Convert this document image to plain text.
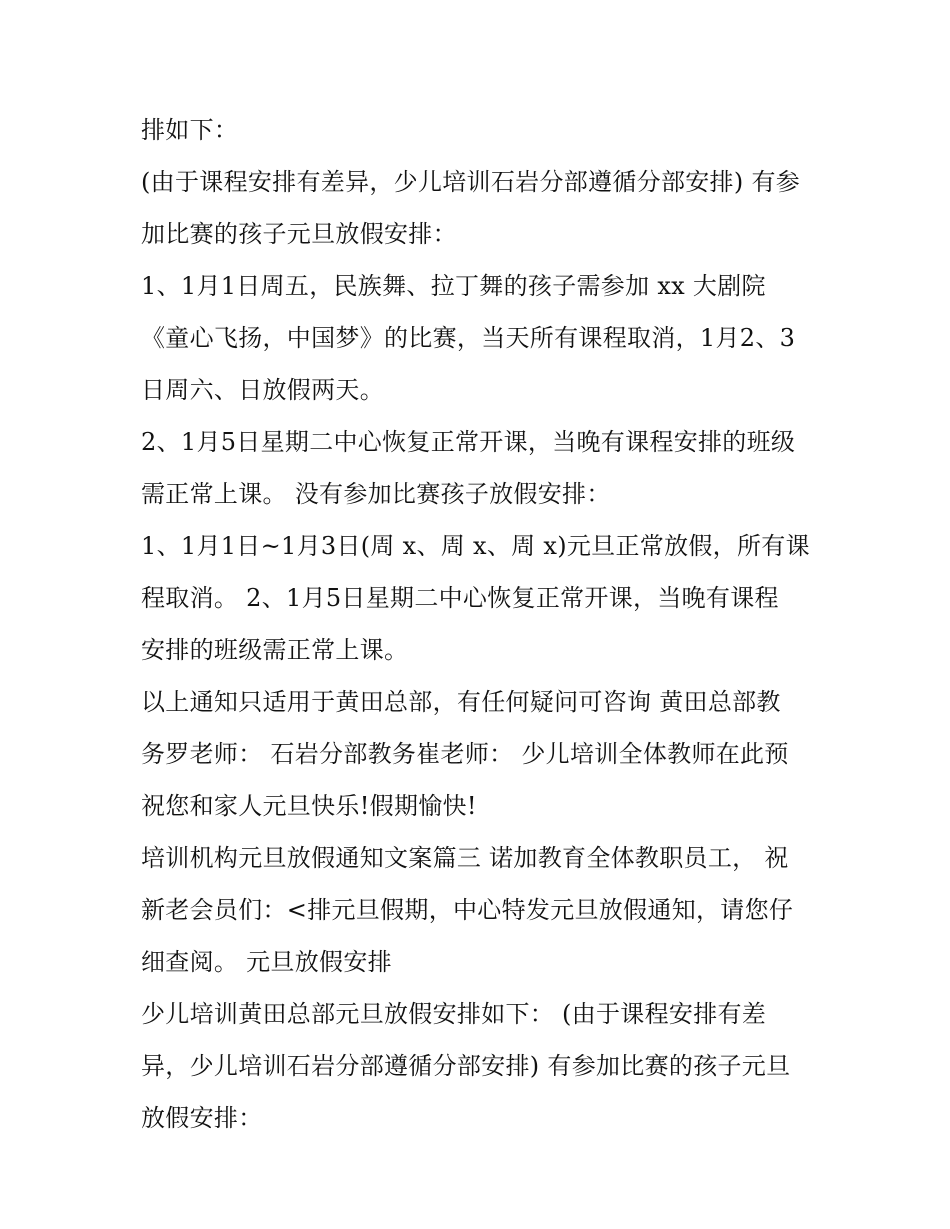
排如下：
(由于课程安排有差异，少儿培训石岩分部遵循分部安排) 有参
加比赛的孩子元旦放假安排：
1、1月1日周五，民族舞、拉丁舞的孩子需参加 xx 大剧院
《童心飞扬，中国梦》的比赛，当天所有课程取消，1月2、3
日周六、日放假两天。
2、1月5日星期二中心恢复正常开课，当晚有课程安排的班级
需正常上课。 没有参加比赛孩子放假安排：
1、1月1日~1月3日(周 x、周 x、周 x)元旦正常放假，所有课
程取消。 2、1月5日星期二中心恢复正常开课，当晚有课程
安排的班级需正常上课。
以上通知只适用于黄田总部，有任何疑问可咨询 黄田总部教
务罗老师： 石岩分部教务崔老师： 少儿培训全体教师在此预
祝您和家人元旦快乐!假期愉快!
培训机构元旦放假通知文案篇三 诺加教育全体教职员工， 祝
新老会员们：<排元旦假期，中心特发元旦放假通知，请您仔
细查阅。 元旦放假安排
少儿培训黄田总部元旦放假安排如下： (由于课程安排有差
异，少儿培训石岩分部遵循分部安排) 有参加比赛的孩子元旦
放假安排：
